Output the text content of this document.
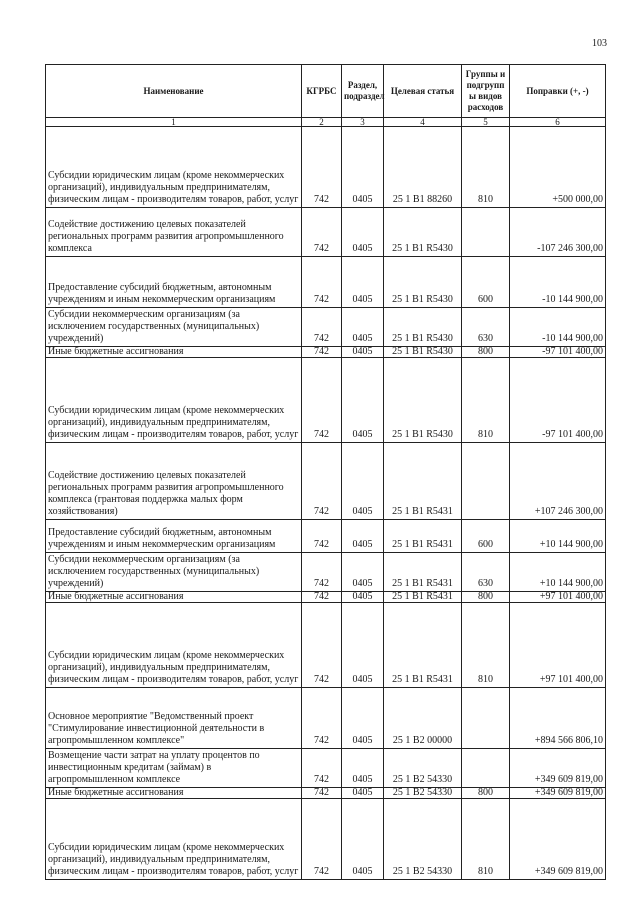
103
Наименование	КГРБС	Раздел, подраздел	Целевая статья	Группы и подгрупп ы видов расходов	Поправки (+, -)
1	2	3	4	5	6
Субсидии юридическим лицам (кроме некоммерческих организаций), индивидуальным предпринимателям, физическим лицам - производителям товаров, работ, услуг	742	0405	25 1 B1 88260	810	+500 000,00
Содействие достижению целевых показателей региональных программ развития агропромышленного комплекса	742	0405	25 1 B1 R5430		-107 246 300,00
Предоставление субсидий бюджетным, автономным учреждениям и иным некоммерческим организациям	742	0405	25 1 B1 R5430	600	-10 144 900,00
Субсидии некоммерческим организациям (за исключением государственных (муниципальных) учреждений)	742	0405	25 1 B1 R5430	630	-10 144 900,00
Иные бюджетные ассигнования	742	0405	25 1 B1 R5430	800	-97 101 400,00
Субсидии юридическим лицам (кроме некоммерческих организаций), индивидуальным предпринимателям, физическим лицам - производителям товаров, работ, услуг	742	0405	25 1 B1 R5430	810	-97 101 400,00
Содействие достижению целевых показателей региональных программ развития агропромышленного комплекса (грантовая поддержка малых форм хозяйствования)	742	0405	25 1 B1 R5431		+107 246 300,00
Предоставление субсидий бюджетным, автономным учреждениям и иным некоммерческим организациям	742	0405	25 1 B1 R5431	600	+10 144 900,00
Субсидии некоммерческим организациям (за исключением государственных (муниципальных) учреждений)	742	0405	25 1 B1 R5431	630	+10 144 900,00
Иные бюджетные ассигнования	742	0405	25 1 B1 R5431	800	+97 101 400,00
Субсидии юридическим лицам (кроме некоммерческих организаций), индивидуальным предпринимателям, физическим лицам - производителям товаров, работ, услуг	742	0405	25 1 B1 R5431	810	+97 101 400,00
Основное мероприятие "Ведомственный проект "Стимулирование инвестиционной деятельности в агропромышленном комплексе"	742	0405	25 1 B2 00000		+894 566 806,10
Возмещение части затрат на уплату процентов по инвестиционным кредитам (займам) в агропромышленном комплексе	742	0405	25 1 B2 54330		+349 609 819,00
Иные бюджетные ассигнования	742	0405	25 1 B2 54330	800	+349 609 819,00
Субсидии юридическим лицам (кроме некоммерческих организаций), индивидуальным предпринимателям, физическим лицам - производителям товаров, работ, услуг	742	0405	25 1 B2 54330	810	+349 609 819,00
